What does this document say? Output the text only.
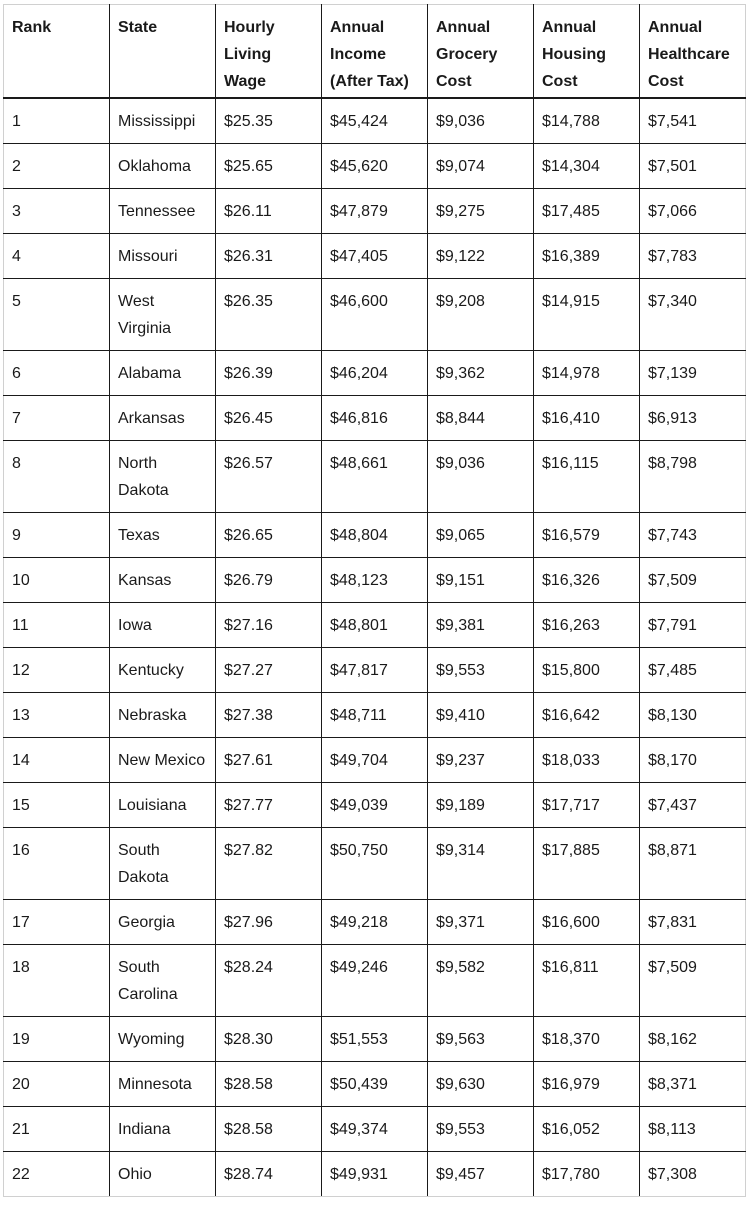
Rank	State	Hourly Living Wage	Annual Income (After Tax)	Annual Grocery Cost	Annual Housing Cost	Annual Healthcare Cost
1	Mississippi	$25.35	$45,424	$9,036	$14,788	$7,541
2	Oklahoma	$25.65	$45,620	$9,074	$14,304	$7,501
3	Tennessee	$26.11	$47,879	$9,275	$17,485	$7,066
4	Missouri	$26.31	$47,405	$9,122	$16,389	$7,783
5	West Virginia	$26.35	$46,600	$9,208	$14,915	$7,340
6	Alabama	$26.39	$46,204	$9,362	$14,978	$7,139
7	Arkansas	$26.45	$46,816	$8,844	$16,410	$6,913
8	North Dakota	$26.57	$48,661	$9,036	$16,115	$8,798
9	Texas	$26.65	$48,804	$9,065	$16,579	$7,743
10	Kansas	$26.79	$48,123	$9,151	$16,326	$7,509
11	Iowa	$27.16	$48,801	$9,381	$16,263	$7,791
12	Kentucky	$27.27	$47,817	$9,553	$15,800	$7,485
13	Nebraska	$27.38	$48,711	$9,410	$16,642	$8,130
14	New Mexico	$27.61	$49,704	$9,237	$18,033	$8,170
15	Louisiana	$27.77	$49,039	$9,189	$17,717	$7,437
16	South Dakota	$27.82	$50,750	$9,314	$17,885	$8,871
17	Georgia	$27.96	$49,218	$9,371	$16,600	$7,831
18	South Carolina	$28.24	$49,246	$9,582	$16,811	$7,509
19	Wyoming	$28.30	$51,553	$9,563	$18,370	$8,162
20	Minnesota	$28.58	$50,439	$9,630	$16,979	$8,371
21	Indiana	$28.58	$49,374	$9,553	$16,052	$8,113
22	Ohio	$28.74	$49,931	$9,457	$17,780	$7,308
